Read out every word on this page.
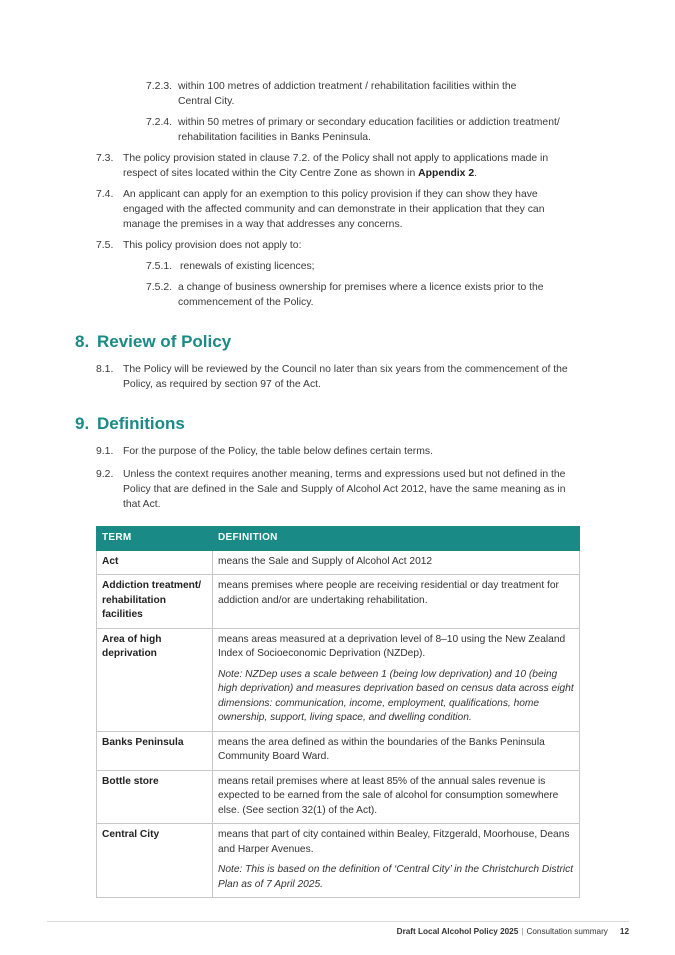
7.2.3. within 100 metres of addiction treatment / rehabilitation facilities within the Central City.
7.2.4. within 50 metres of primary or secondary education facilities or addiction treatment/ rehabilitation facilities in Banks Peninsula.
7.3. The policy provision stated in clause 7.2. of the Policy shall not apply to applications made in respect of sites located within the City Centre Zone as shown in Appendix 2.
7.4. An applicant can apply for an exemption to this policy provision if they can show they have engaged with the affected community and can demonstrate in their application that they can manage the premises in a way that addresses any concerns.
7.5. This policy provision does not apply to:
7.5.1. renewals of existing licences;
7.5.2. a change of business ownership for premises where a licence exists prior to the commencement of the Policy.
8. Review of Policy
8.1. The Policy will be reviewed by the Council no later than six years from the commencement of the Policy, as required by section 97 of the Act.
9. Definitions
9.1. For the purpose of the Policy, the table below defines certain terms.
9.2. Unless the context requires another meaning, terms and expressions used but not defined in the Policy that are defined in the Sale and Supply of Alcohol Act 2012, have the same meaning as in that Act.
TERM	DEFINITION
Act	means the Sale and Supply of Alcohol Act 2012
Addiction treatment/ rehabilitation facilities	means premises where people are receiving residential or day treatment for addiction and/or are undertaking rehabilitation.
Area of high deprivation	means areas measured at a deprivation level of 8–10 using the New Zealand Index of Socioeconomic Deprivation (NZDep).
Note: NZDep uses a scale between 1 (being low deprivation) and 10 (being high deprivation) and measures deprivation based on census data across eight dimensions: communication, income, employment, qualifications, home ownership, support, living space, and dwelling condition.

Banks Peninsula	means the area defined as within the boundaries of the Banks Peninsula Community Board Ward.
Bottle store	means retail premises where at least 85% of the annual sales revenue is expected to be earned from the sale of alcohol for consumption somewhere else. (See section 32(1) of the Act).
Central City	means that part of city contained within Bealey, Fitzgerald, Moorhouse, Deans and Harper Avenues.
Note: This is based on the definition of ‘Central City’ in the Christchurch District Plan as of 7 April 2025.
Draft Local Alcohol Policy 2025 | Consultation summary 12
